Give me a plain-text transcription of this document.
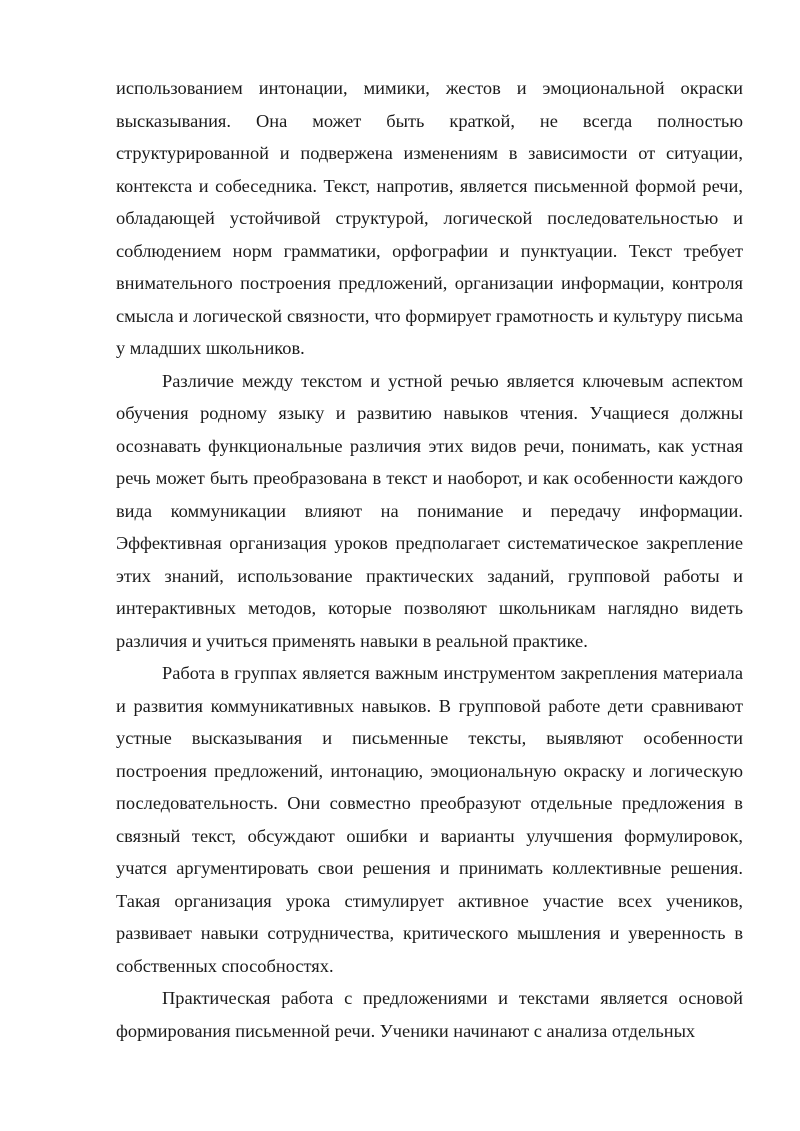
использованием интонации, мимики, жестов и эмоциональной окраски высказывания. Она может быть краткой, не всегда полностью структурированной и подвержена изменениям в зависимости от ситуации, контекста и собеседника. Текст, напротив, является письменной формой речи, обладающей устойчивой структурой, логической последовательностью и соблюдением норм грамматики, орфографии и пунктуации. Текст требует внимательного построения предложений, организации информации, контроля смысла и логической связности, что формирует грамотность и культуру письма у младших школьников.

Различие между текстом и устной речью является ключевым аспектом обучения родному языку и развитию навыков чтения. Учащиеся должны осознавать функциональные различия этих видов речи, понимать, как устная речь может быть преобразована в текст и наоборот, и как особенности каждого вида коммуникации влияют на понимание и передачу информации. Эффективная организация уроков предполагает систематическое закрепление этих знаний, использование практических заданий, групповой работы и интерактивных методов, которые позволяют школьникам наглядно видеть различия и учиться применять навыки в реальной практике.

Работа в группах является важным инструментом закрепления материала и развития коммуникативных навыков. В групповой работе дети сравнивают устные высказывания и письменные тексты, выявляют особенности построения предложений, интонацию, эмоциональную окраску и логическую последовательность. Они совместно преобразуют отдельные предложения в связный текст, обсуждают ошибки и варианты улучшения формулировок, учатся аргументировать свои решения и принимать коллективные решения. Такая организация урока стимулирует активное участие всех учеников, развивает навыки сотрудничества, критического мышления и уверенность в собственных способностях.

Практическая работа с предложениями и текстами является основой формирования письменной речи. Ученики начинают с анализа отдельных
